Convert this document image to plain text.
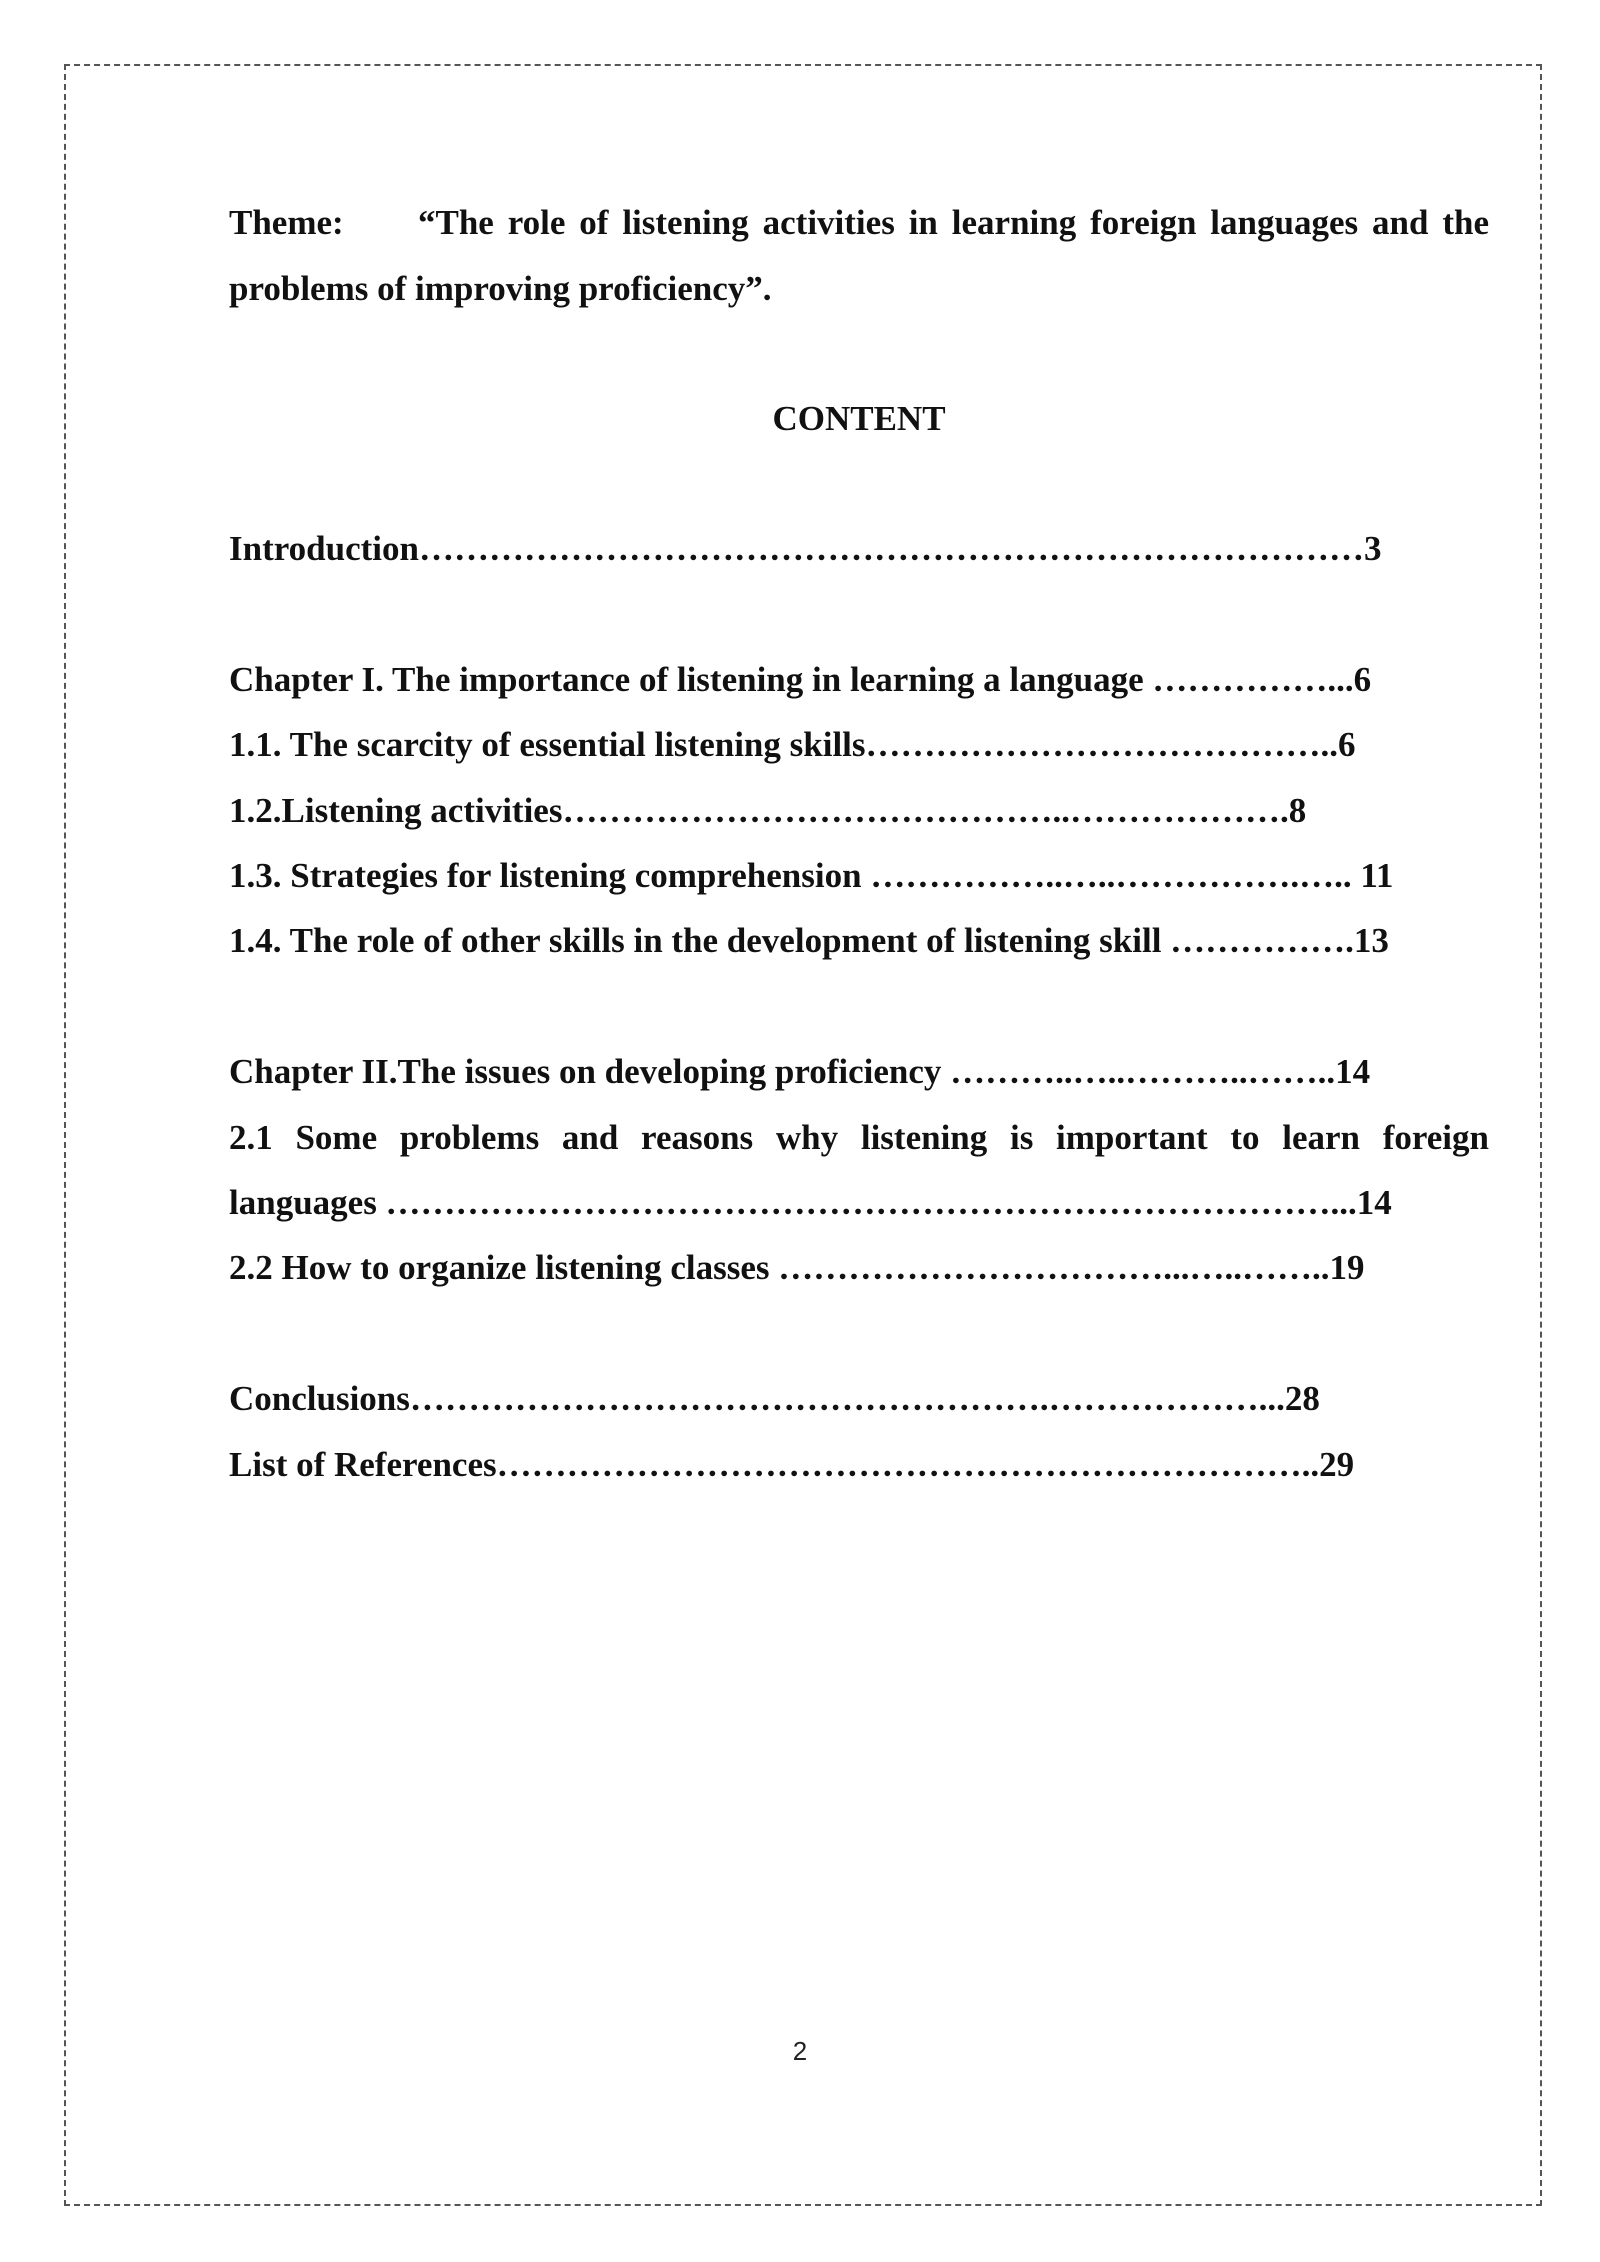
Theme: “The role of listening activities in learning foreign languages and the problems of improving proficiency”.
CONTENT
Introduction………………………………………………………………………3
Chapter I. The importance of listening in learning a language ……………...6
1.1. The scarcity of essential listening skills…………………………………..6
1.2.Listening activities……………………………………..……………….8
1.3. Strategies for listening comprehension ……………..…..…………….….. 11
1.4. The role of other skills in the development of listening skill …………….13
Chapter II.The issues on developing proficiency ………..…..………..……..14
2.1 Some problems and reasons why listening is important to learn foreign
languages ………………………………………………………………………...14
2.2 How to organize listening classes ……………………………...…..……..19
Conclusions……………………………………………….………………...28
List of References……………………………………………………………..29
2
